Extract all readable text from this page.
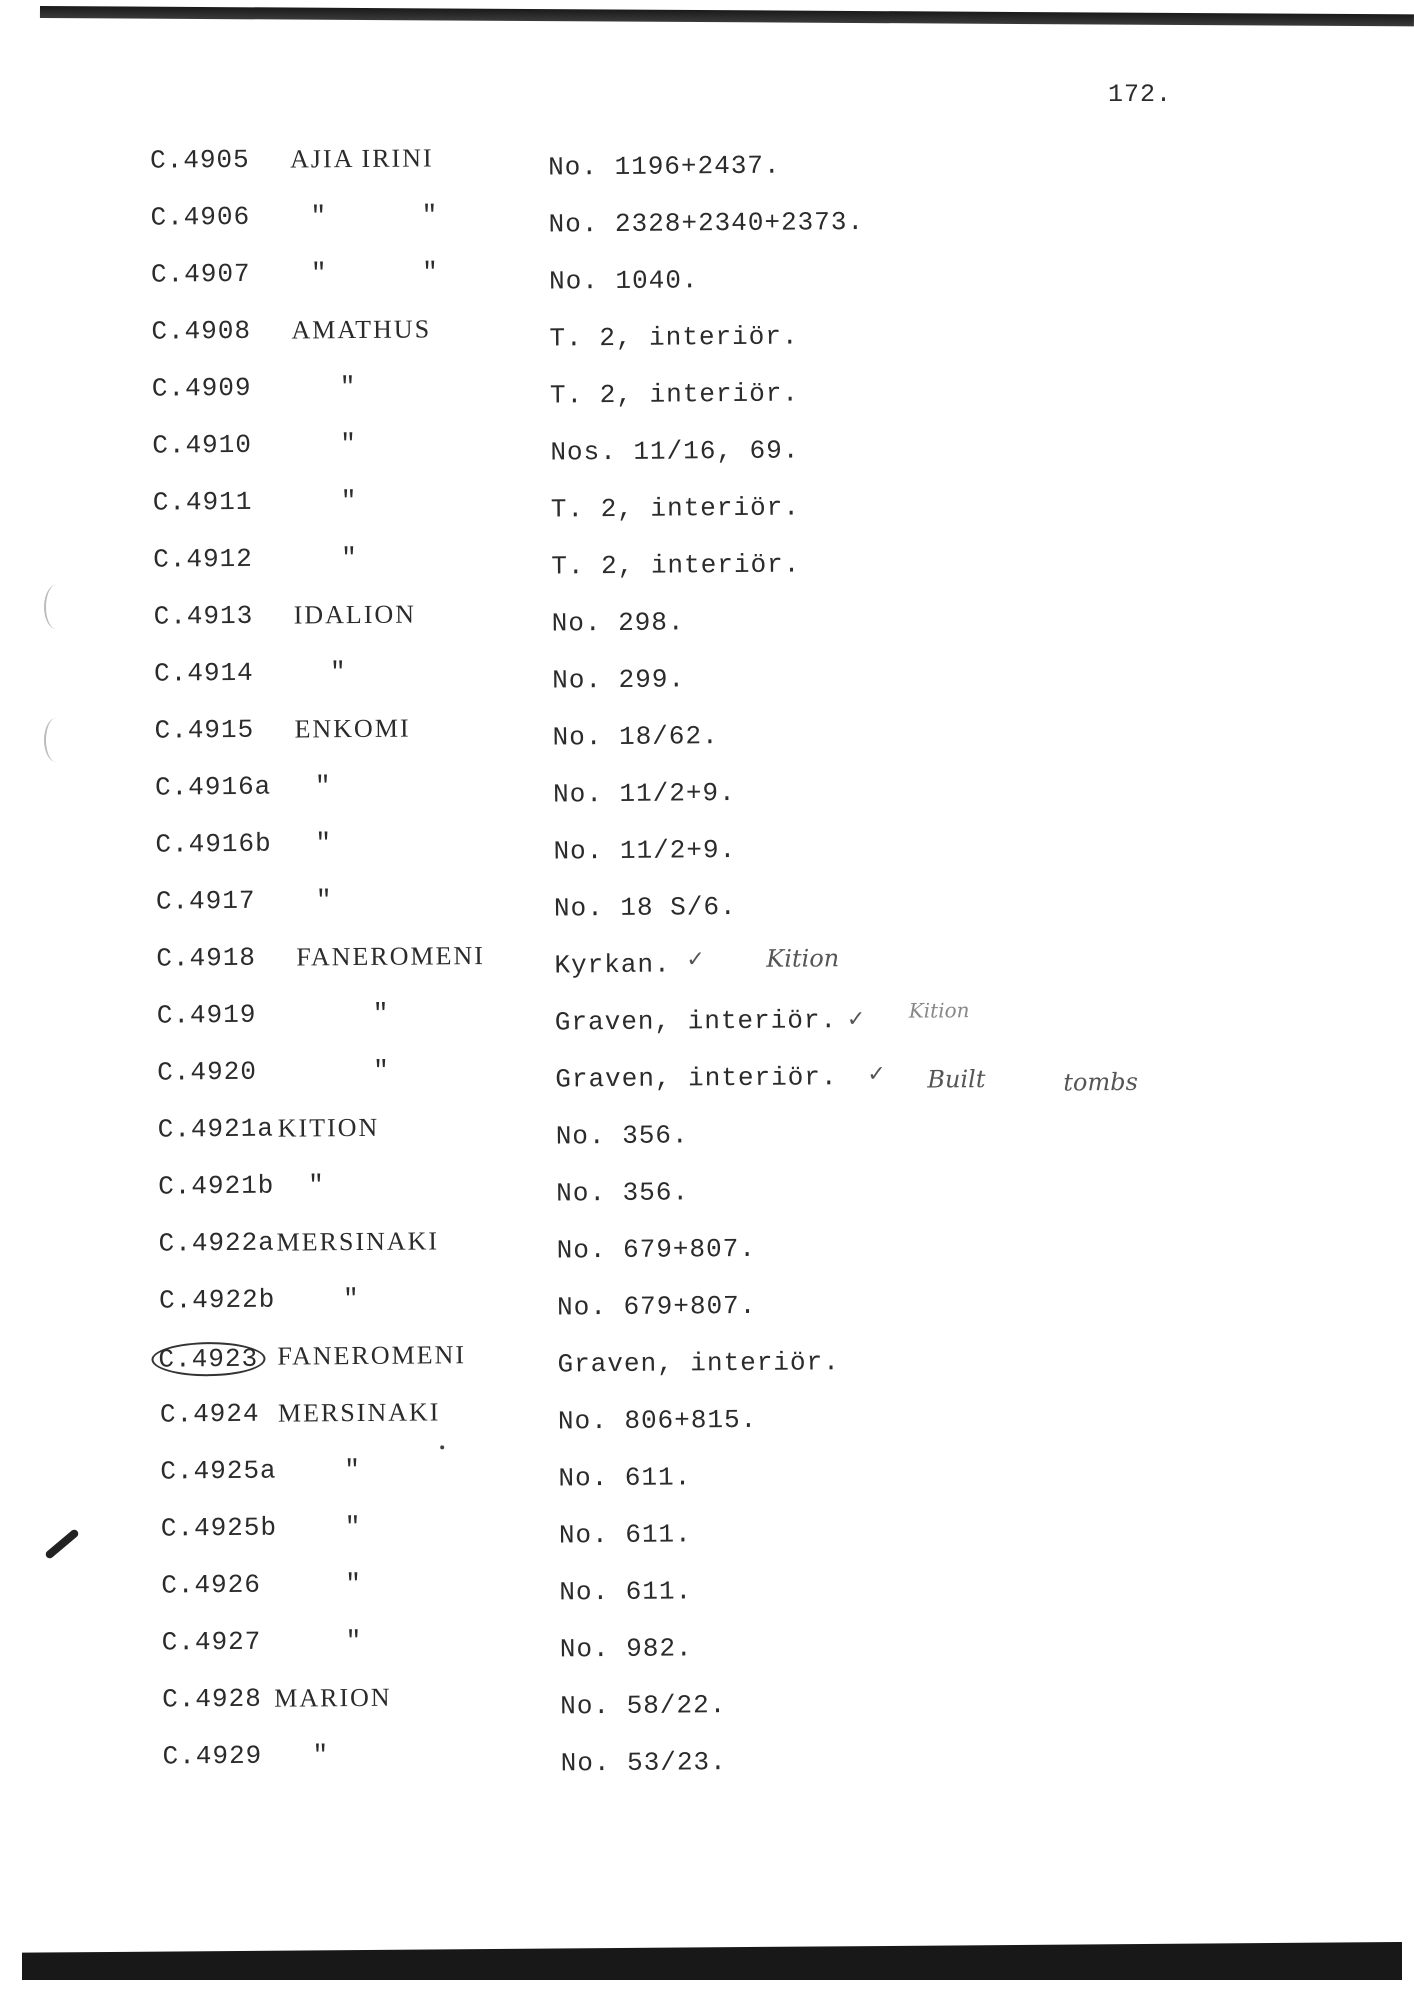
172.
C.4905 AJIA IRINI	No. 1196+2437.
C.4906 " "	No. 2328+2340+2373.
C.4907 " "	No. 1040.
C.4908 AMATHUS	T. 2, interiör.
C.4909	"	T. 2, interiör.
C.4910	"	Nos. 11/16, 69.
C.4911	"	T. 2, interiör.
C.4912	"	T. 2, interiör.
C.4913 IDALION	No. 298.
C.4914	"	No. 299.
C.4915 ENKOMI	No. 18/62.
C.4916a "	No. 11/2+9.
C.4916b "	No. 11/2+9.
C.4917 "	No. 18 S/6.
C.4918 FANEROMENI	Kyrkan. ✓	Kition
C.4919	"	Graven, interiör. ✓ Kition
C.4920	"	Graven, interiör. ✓ Built	tombs
C.4921a KITION	No. 356.
C.4921b "	No. 356.
C.4922a MERSINAKI	No. 679+807.
C.4922b	"	No. 679+807.
C.4923 FANEROMENI	Graven, interiör.
C.4924 MERSINAKI	No. 806+815.
C.4925a	"	No. 611.
C.4925b	"	No. 611.
C.4926	"	No. 611.
C.4927	"	No. 982.
C.4928 MARION	No. 58/22.
C.4929 "	No. 53/23.
